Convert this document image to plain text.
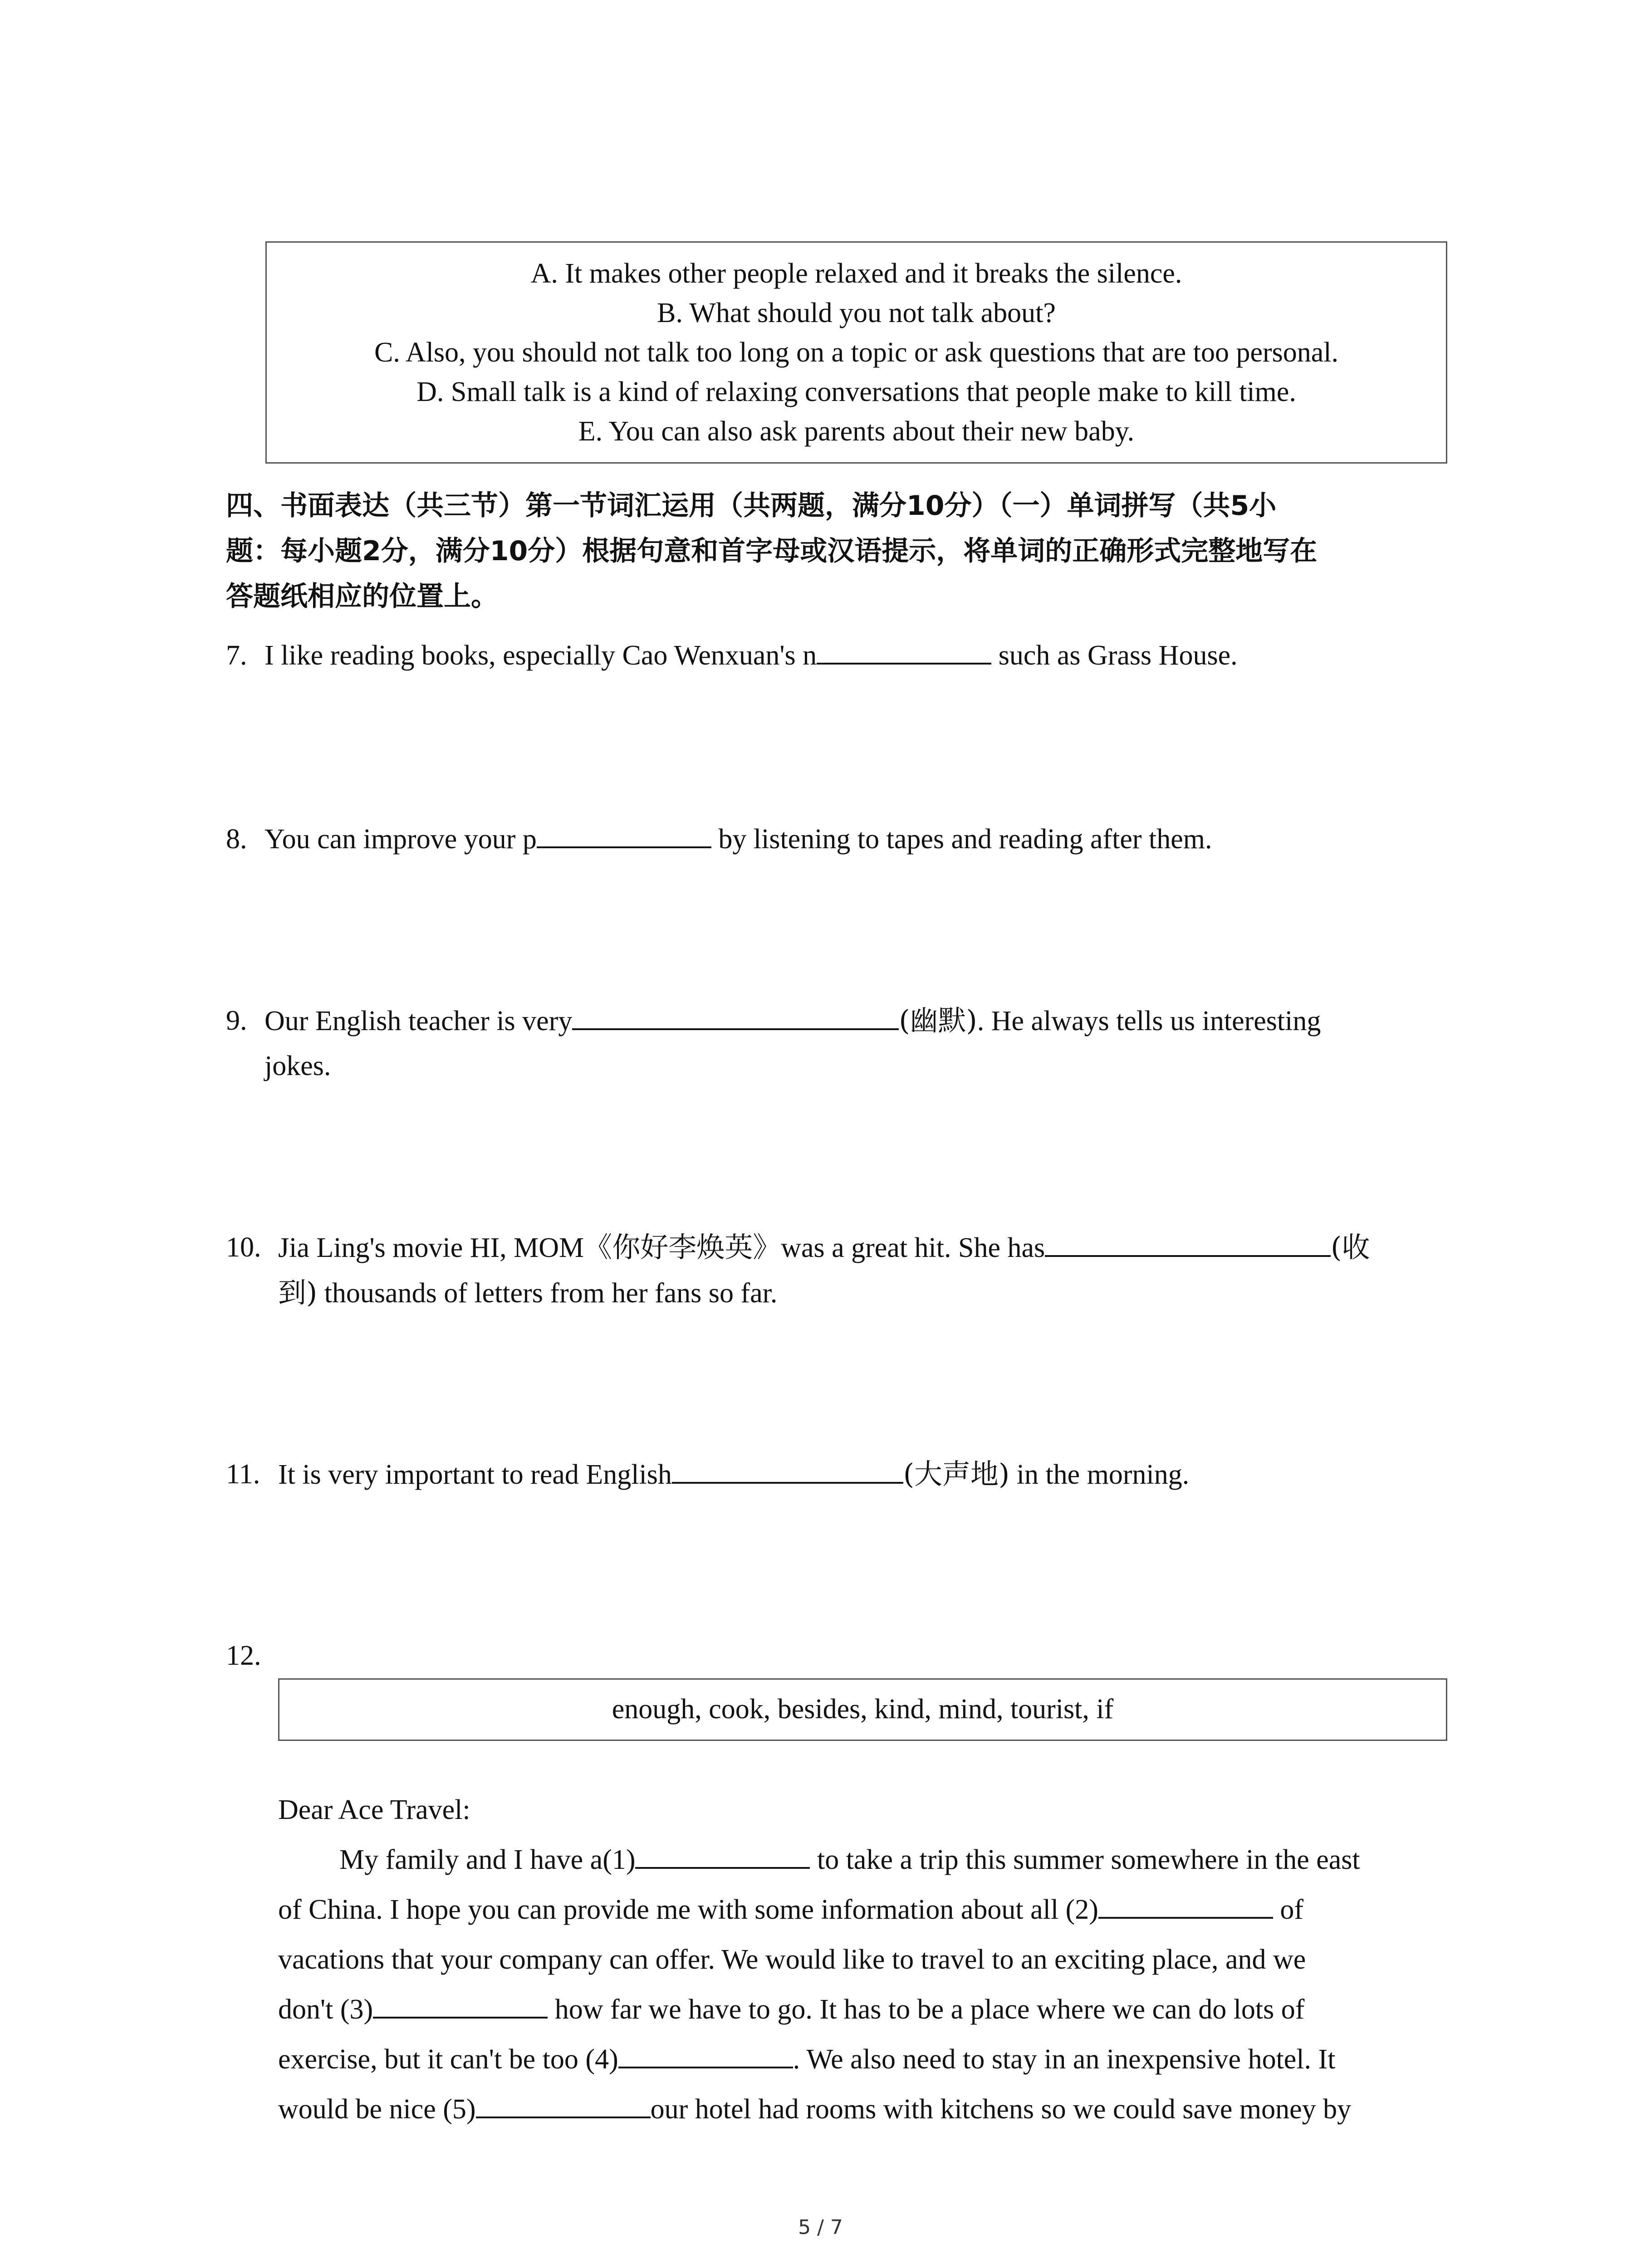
A. It makes other people relaxed and it breaks the silence.
B. What should you not talk about?
C. Also, you should not talk too long on a topic or ask questions that are too personal.
D. Small talk is a kind of relaxing conversations that people make to kill time.
E. You can also ask parents about their new baby.
四、书面表达（共三节）第一节词汇运用（共两题，满分10分）（一）单词拼写（共5小
题：每小题2分，满分10分）根据句意和首字母或汉语提示，将单词的正确形式完整地写在
答题纸相应的位置上。
7. I like reading books, especially Cao Wenxuan's n	such as Grass House.
8. You can improve your p	by listening to tapes and reading after them.
9. Our English teacher is very	(幽默). He always tells us interesting
jokes.
10. Jia Ling's movie HI, MOM《你好李焕英》was a great hit. She has	(收
到) thousands of letters from her fans so far.
11. It is very important to read English	(大声地) in the morning.
12.
enough, cook, besides, kind, mind, tourist, if
Dear Ace Travel:
My family and I have a(1)	to take a trip this summer somewhere in the east
of China. I hope you can provide me with some information about all (2)	of
vacations that your company can offer. We would like to travel to an exciting place, and we
don't (3)	how far we have to go. It has to be a place where we can do lots of
exercise, but it can't be too (4)	. We also need to stay in an inexpensive hotel. It
would be nice (5)	our hotel had rooms with kitchens so we could save money by
5 / 7
